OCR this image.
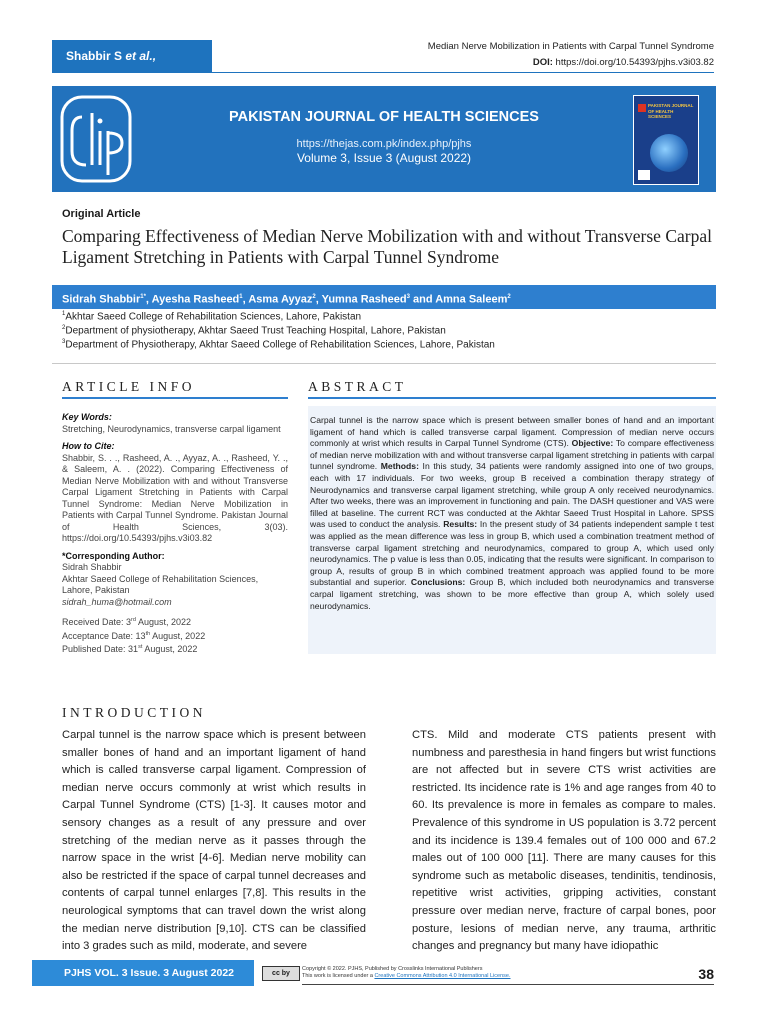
Shabbir S et al.,
Median Nerve Mobilization in Patients with Carpal Tunnel Syndrome
DOI: https://doi.org/10.54393/pjhs.v3i03.82
PAKISTAN JOURNAL OF HEALTH SCIENCES
https://thejas.com.pk/index.php/pjhs
Volume 3, Issue 3 (August 2022)
PAKISTAN JOURNAL OF HEALTH SCIENCES
Original Article
Comparing Effectiveness of Median Nerve Mobilization with and without Transverse Carpal Ligament Stretching in Patients with Carpal Tunnel Syndrome
Sidrah Shabbir$^{1*}$, Ayesha Rasheed$^1$, Asma Ayyaz$^2$, Yumna Rasheed$^3$ and Amna Saleem$^2$
$^1$Akhtar Saeed College of Rehabilitation Sciences, Lahore, Pakistan
$^2$Department of physiotherapy, Akhtar Saeed Trust Teaching Hospital, Lahore, Pakistan
$^3$Department of Physiotherapy, Akhtar Saeed College of Rehabilitation Sciences, Lahore, Pakistan
ARTICLE INFO	ABSTRACT
Key Words:
Stretching, Neurodynamics, transverse carpal ligament
How to Cite:
Shabbir, S. . ., Rasheed, A. ., Ayyaz, A. ., Rasheed, Y. ., & Saleem, A. . (2022). Comparing Effectiveness of Median Nerve Mobilization with and without Transverse Carpal Ligament Stretching in Patients with Carpal Tunnel Syndrome: Median Nerve Mobilization in Patients with Carpal Tunnel Syndrome. Pakistan Journal of Health Sciences, 3(03). https://doi.org/10.54393/pjhs.v3i03.82
*Corresponding Author:
Sidrah Shabbir
Akhtar Saeed College of Rehabilitation Sciences, Lahore, Pakistan
sidrah_huma@hotmail.com
Received Date: 3rd August, 2022
Acceptance Date: 13th August, 2022
Published Date: 31st August, 2022
Carpal tunnel is the narrow space which is present between smaller bones of hand and an important ligament of hand which is called transverse carpal ligament. Compression of median nerve occurs commonly at wrist which results in Carpal Tunnel Syndrome (CTS). Objective: To compare effectiveness of median nerve mobilization with and without transverse carpal ligament stretching in patients with carpal tunnel syndrome. Methods: In this study, 34 patients were randomly assigned into one of two groups, each with 17 individuals. For two weeks, group B received a combination therapy strategy of Neurodynamics and transverse carpal ligament stretching, while group A only received neurodynamics. After two weeks, there was an improvement in functioning and pain. The DASH questioner and VAS were filled at baseline. The current RCT was conducted at the Akhtar Saeed Trust Hospital in Lahore. SPSS was used to conduct the analysis. Results: In the present study of 34 patients independent sample t test was applied as the mean difference was less in group B, which used a combination treatment method of transverse carpal ligament stretching and neurodynamics, compared to group A, which used only neurodynamics. The p value is less than 0.05, indicating that the results were significant. In comparison to group A, results of group B in which combined treatment approach was applied found to be more substantial and superior. Conclusions: Group B, which included both neurodynamics and transverse carpal ligament stretching, was shown to be more effective than group A, which solely used neurodynamics.
INTRODUCTION
Carpal tunnel is the narrow space which is present between smaller bones of hand and an important ligament of hand which is called transverse carpal ligament. Compression of median nerve occurs commonly at wrist which results in Carpal Tunnel Syndrome (CTS) [1-3]. It causes motor and sensory changes as a result of any pressure and over stretching of the median nerve as it passes through the narrow space in the wrist [4-6]. Median nerve mobility can also be restricted if the space of carpal tunnel decreases and contents of carpal tunnel enlarges [7,8]. This results in the neurological symptoms that can travel down the wrist along the median nerve distribution [9,10]. CTS can be classified into 3 grades such as mild, moderate, and severe
CTS. Mild and moderate CTS patients present with numbness and paresthesia in hand fingers but wrist functions are not affected but in severe CTS wrist activities are restricted. Its incidence rate is 1% and age ranges from 40 to 60. Its prevalence is more in females as compare to males. Prevalence of this syndrome in US population is 3.72 percent and its incidence is 139.4 females out of 100 000 and 67.2 males out of 100 000 [11]. There are many causes for this syndrome such as metabolic diseases, tendinitis, tendinosis, repetitive wrist activities, gripping activities, constant pressure over median nerve, fracture of carpal bones, poor posture, lesions of median nerve, any trauma, arthritic changes and pregnancy but many have idiopathic
PJHS VOL. 3 Issue. 3 August 2022	cc by
Copyright © 2022. PJHS, Published by Crosslinks International Publishers
This work is licensed under a Creative Commons Attribution 4.0 International License.	38
